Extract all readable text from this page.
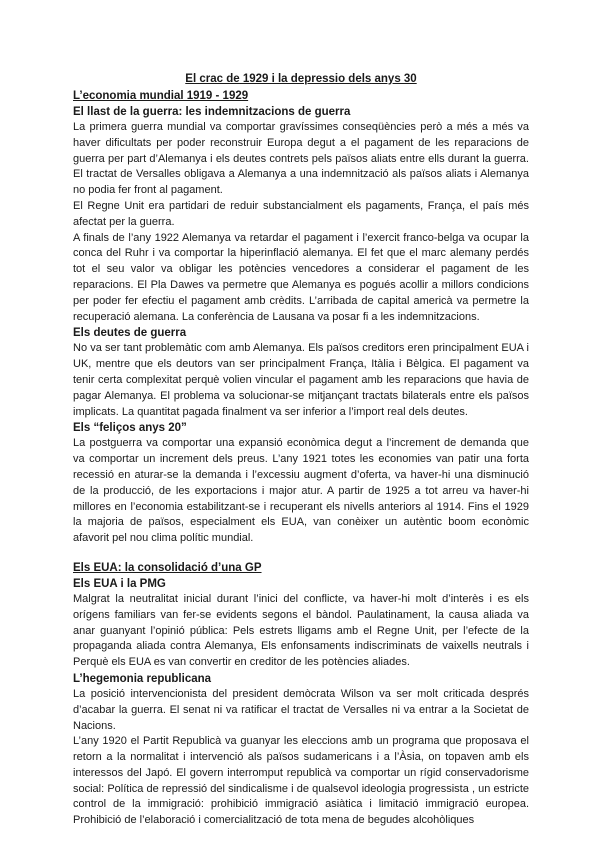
El crac de 1929 i la depressio dels anys 30
L’economia mundial 1919 - 1929
El llast de la guerra: les indemnitzacions de guerra

La primera guerra mundial va comportar gravíssimes conseqüències però a més a més va haver dificultats per poder reconstruir Europa degut a el pagament de les reparacions de guerra per part d’Alemanya i els deutes contrets pels països aliats entre ells durant la guerra. El tractat de Versalles obligava a Alemanya a una indemnització als països aliats i Alemanya no podia fer front al pagament.

El Regne Unit era partidari de reduir substancialment els pagaments, França, el país més afectat per la guerra.

A finals de l’any 1922 Alemanya va retardar el pagament i l’exercit franco-belga va ocupar la conca del Ruhr i va comportar la hiperinflació alemanya. El fet que el marc alemany perdés tot el seu valor va obligar les potències vencedores a considerar el pagament de les reparacions. El Pla Dawes va permetre que Alemanya es pogués acollir a millors condicions per poder fer efectiu el pagament amb crèdits. L’arribada de capital americà va permetre la recuperació alemana. La conferència de Lausana va posar fi a les indemnitzacions.

Els deutes de guerra

No va ser tant problemàtic com amb Alemanya. Els països creditors eren principalment EUA i UK, mentre que els deutors van ser principalment França, Itàlia i Bèlgica. El pagament va tenir certa complexitat perquè volien vincular el pagament amb les reparacions que havia de pagar Alemanya. El problema va solucionar-se mitjançant tractats bilaterals entre els països implicats. La quantitat pagada finalment va ser inferior a l’import real dels deutes.

Els “feliços anys 20”

La postguerra va comportar una expansió econòmica degut a l’increment de demanda que va comportar un increment dels preus. L’any 1921 totes les economies van patir una forta recessió en aturar-se la demanda i l’excessiu augment d’oferta, va haver-hi una disminució de la producció, de les exportacions i major atur. A partir de 1925 a tot arreu va haver-hi millores en l’economia estabilitzant-se i recuperant els nivells anteriors al 1914. Fins el 1929 la majoria de països, especialment els EUA, van conèixer un autèntic boom econòmic afavorit pel nou clima polític mundial.

Els EUA: la consolidació d’una GP
Els EUA i la PMG

Malgrat la neutralitat inicial durant l’inici del conflicte, va haver-hi molt d’interès i es els orígens familiars van fer-se evidents segons el bàndol. Paulatinament, la causa aliada va anar guanyant l’opinió pública: Pels estrets lligams amb el Regne Unit, per l’efecte de la propaganda aliada contra Alemanya, Els enfonsaments indiscriminats de vaixells neutrals i Perquè els EUA es van convertir en creditor de les potències aliades.

L’hegemonia republicana

La posició intervencionista del president demòcrata Wilson va ser molt criticada després d’acabar la guerra. El senat ni va ratificar el tractat de Versalles ni va entrar a la Societat de Nacions.

L’any 1920 el Partit Republicà va guanyar les eleccions amb un programa que proposava el retorn a la normalitat i intervenció als països sudamericans i a l’Àsia, on topaven amb els interessos del Japó. El govern interromput republicà va comportar un rígid conservadorisme social: Política de repressió del sindicalisme i de qualsevol ideologia progressista , un estricte control de la immigració: prohibició immigració asiàtica i limitació immigració europea. Prohibició de l’elaboració i comercialització de tota mena de begudes alcohòliques
